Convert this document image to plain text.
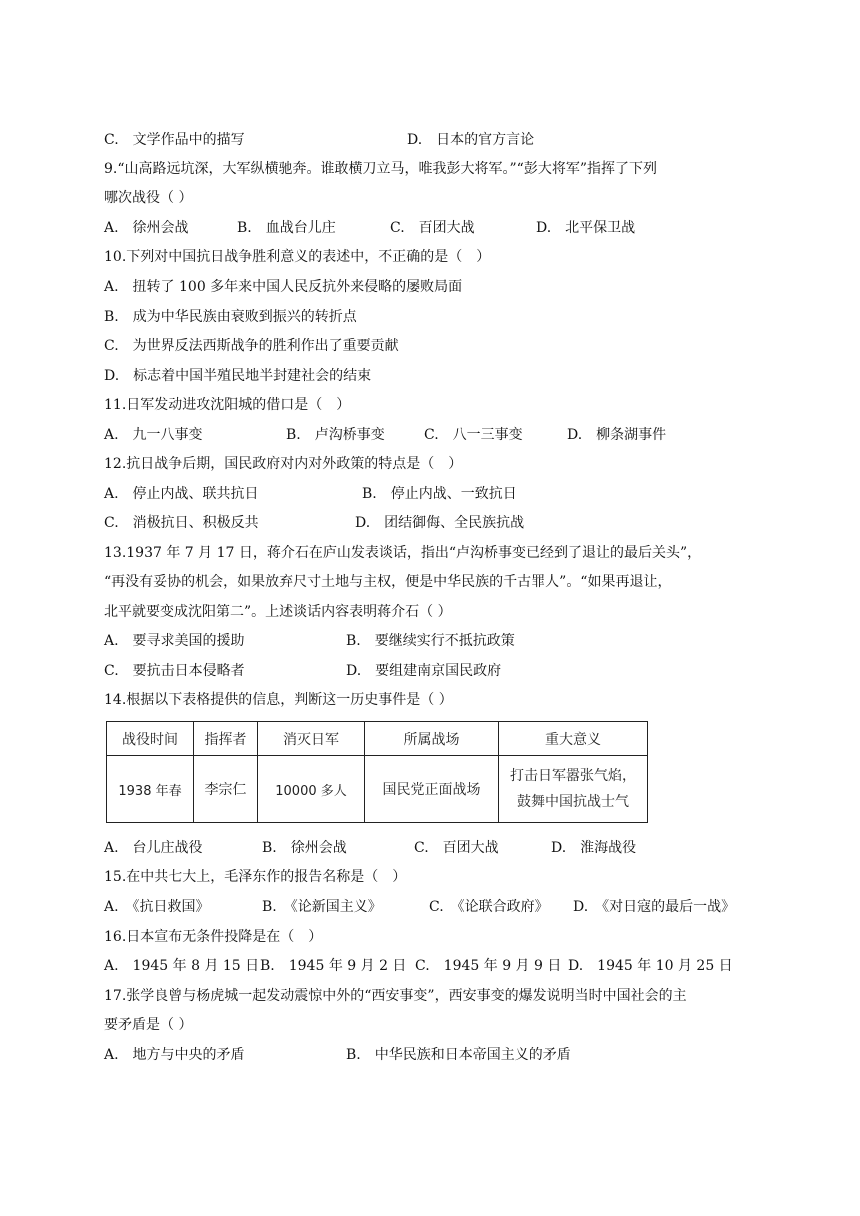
C.　文学作品中的描写	D.　日本的官方言论
9.“山高路远坑深，大军纵横驰奔。谁敢横刀立马，唯我彭大将军。”“彭大将军”指挥了下列
哪次战役（ ）
A.　徐州会战	B.　血战台儿庄	C.　百团大战	D.　北平保卫战
10.下列对中国抗日战争胜利意义的表述中，不正确的是（　）
A.　扭转了 100 多年来中国人民反抗外来侵略的屡败局面
B.　成为中华民族由衰败到振兴的转折点
C.　为世界反法西斯战争的胜利作出了重要贡献
D.　标志着中国半殖民地半封建社会的结束
11.日军发动进攻沈阳城的借口是（　）
A.　九一八事变	B.　卢沟桥事变	C.　八一三事变	D.　柳条湖事件
12.抗日战争后期，国民政府对内对外政策的特点是（　）
A.　停止内战、联共抗日	B.　停止内战、一致抗日
C.　消极抗日、积极反共	D.　团结御侮、全民族抗战
13.1937 年 7 月 17 日，蒋介石在庐山发表谈话，指出“卢沟桥事变已经到了退让的最后关头”，
“再没有妥协的机会，如果放弃尺寸土地与主权，便是中华民族的千古罪人”。“如果再退让，
北平就要变成沈阳第二”。上述谈话内容表明蒋介石（ ）
A.　要寻求美国的援助	B.　要继续实行不抵抗政策
C.　要抗击日本侵略者	D.　要组建南京国民政府
14.根据以下表格提供的信息，判断这一历史事件是（ ）
战役时间	指挥者	消灭日军	所属战场	重大意义
1938 年春	李宗仁	10000 多人	国民党正面战场	打击日军嚣张气焰，
鼓舞中国抗战士气
A.　台儿庄战役	B.　徐州会战	C.　百团大战	D.　淮海战役
15.在中共七大上，毛泽东作的报告名称是（　）
A.　《抗日救国》	B.　《论新国主义》	C.　《论联合政府》 D.　《对日寇的最后一战》
16.日本宣布无条件投降是在（　）
A.　1945 年 8 月 15 日 B.　1945 年 9 月 2 日 C.　1945 年 9 月 9 日 D.　1945 年 10 月 25 日
17.张学良曾与杨虎城一起发动震惊中外的“西安事变”，西安事变的爆发说明当时中国社会的主
要矛盾是（ ）
A.　地方与中央的矛盾	B.　中华民族和日本帝国主义的矛盾
